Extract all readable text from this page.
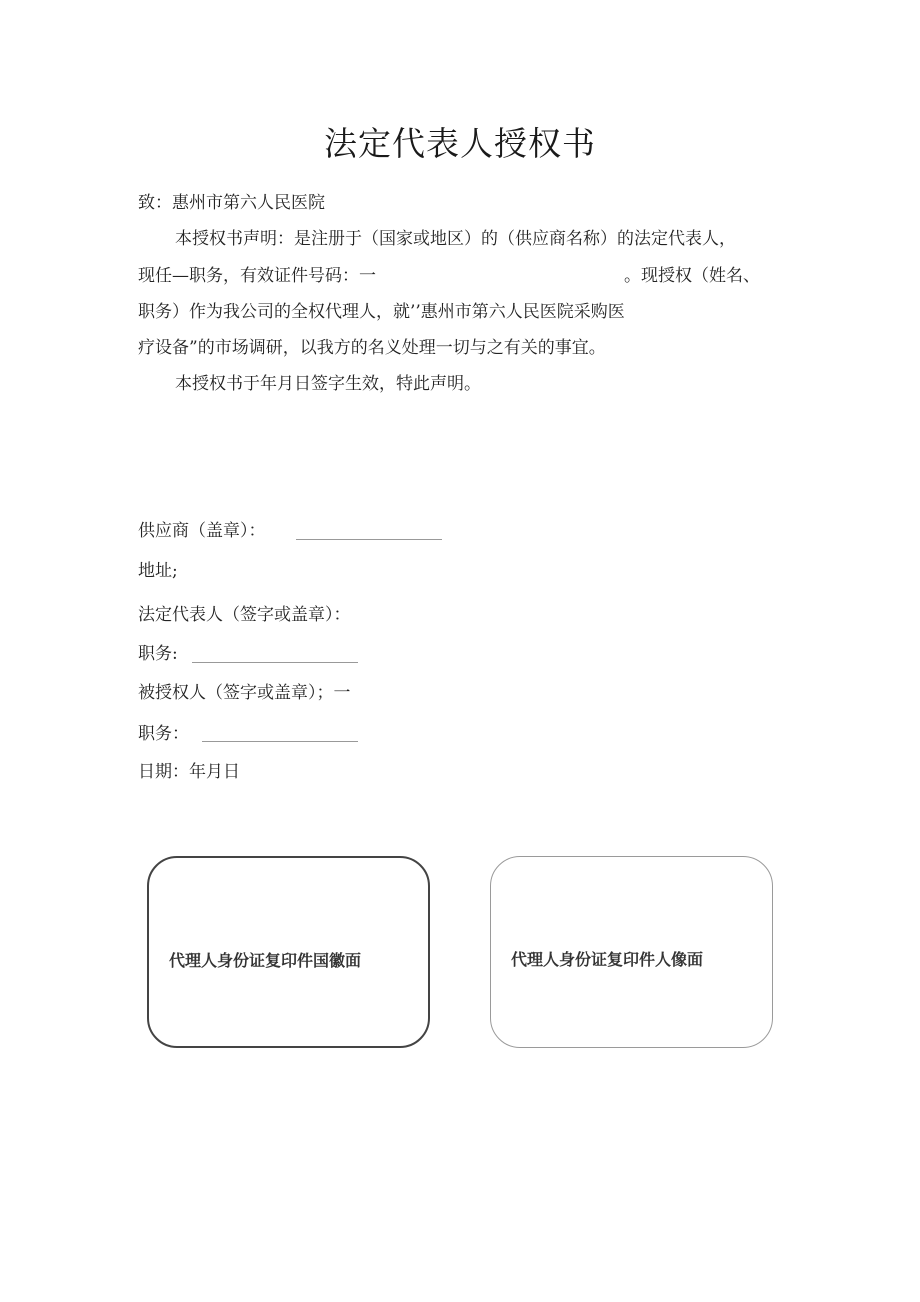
法定代表人授权书
致：惠州市第六人民医院
本授权书声明：是注册于（国家或地区）的（供应商名称）的法定代表人，
现任—职务，有效证件号码：一	。现授权（姓名、
职务）作为我公司的全权代理人，就’’惠州市第六人民医院采购医
疗设备”的市场调研，以我方的名义处理一切与之有关的事宜。
本授权书于年月日签字生效，特此声明。
供应商（盖章）：
地址;
法定代表人（签字或盖章）：
职务:
被授权人（签字或盖章）；一
职务：
日期：年月日
代理人身份证复印件国徽面	代理人身份证复印件人像面
